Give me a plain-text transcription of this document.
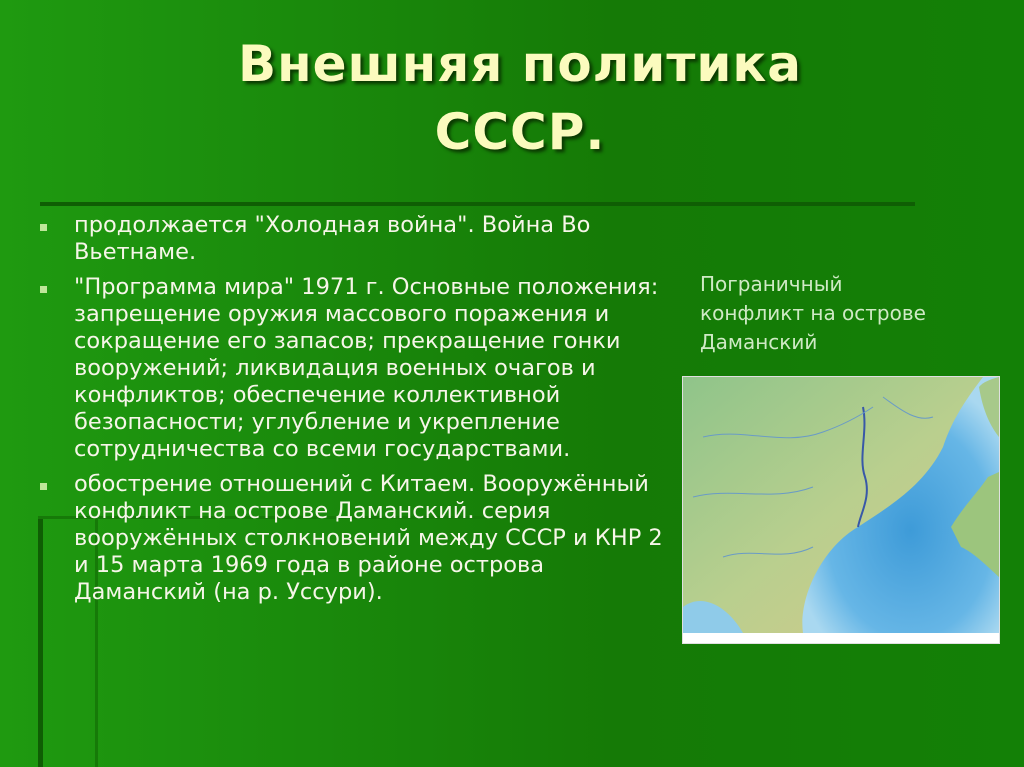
Внешняя политика
СССР.
продолжается "Холодная война". Война Во Вьетнаме.
"Программа мира" 1971 г. Основные положения: запрещение оружия массового поражения и сокращение его запасов; прекращение гонки вооружений; ликвидация военных очагов и конфликтов; обеспечение коллективной безопасности; углубление и укрепление сотрудничества со всеми государствами.
обострение отношений с Китаем. Вооружённый конфликт на острове Даманский. серия вооружённых столкновений между СССР и КНР 2 и 15 марта 1969 года в районе острова Даманский (на р. Уссури).
Пограничный
конфликт на острове
Даманский
